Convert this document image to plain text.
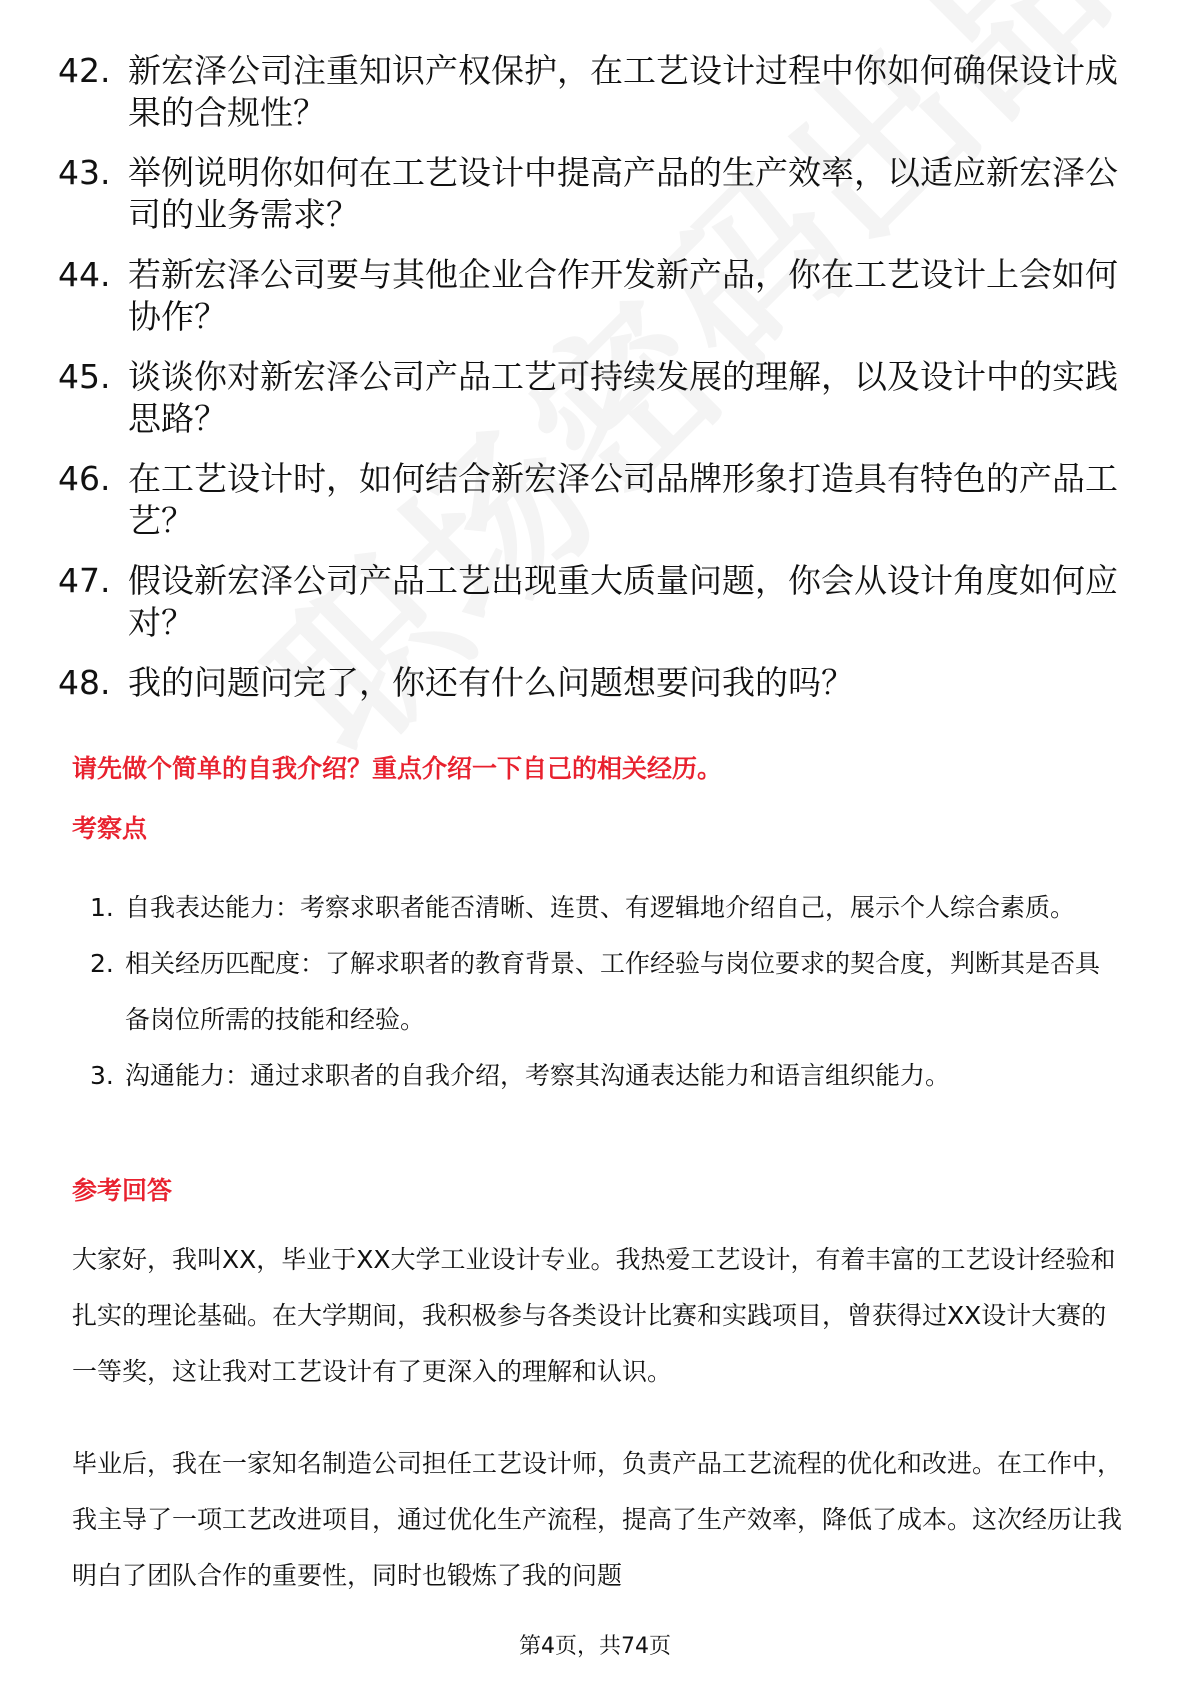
42. 新宏泽公司注重知识产权保护，在工艺设计过程中你如何确保设计成果的合规性？
43. 举例说明你如何在工艺设计中提高产品的生产效率，以适应新宏泽公司的业务需求？
44. 若新宏泽公司要与其他企业合作开发新产品，你在工艺设计上会如何协作？
45. 谈谈你对新宏泽公司产品工艺可持续发展的理解，以及设计中的实践思路？
46. 在工艺设计时，如何结合新宏泽公司品牌形象打造具有特色的产品工艺？
47. 假设新宏泽公司产品工艺出现重大质量问题，你会从设计角度如何应对？
48. 我的问题问完了，你还有什么问题想要问我的吗？
请先做个简单的自我介绍？重点介绍一下自己的相关经历。
考察点
1. 自我表达能力：考察求职者能否清晰、连贯、有逻辑地介绍自己，展示个人综合素质。
2. 相关经历匹配度：了解求职者的教育背景、工作经验与岗位要求的契合度，判断其是否具备岗位所需的技能和经验。
3. 沟通能力：通过求职者的自我介绍，考察其沟通表达能力和语言组织能力。
参考回答
大家好，我叫XX，毕业于XX大学工业设计专业。我热爱工艺设计，有着丰富的工艺设计经验和扎实的理论基础。在大学期间，我积极参与各类设计比赛和实践项目，曾获得过XX设计大赛的一等奖，这让我对工艺设计有了更深入的理解和认识。
毕业后，我在一家知名制造公司担任工艺设计师，负责产品工艺流程的优化和改进。在工作中，我主导了一项工艺改进项目，通过优化生产流程，提高了生产效率，降低了成本。这次经历让我明白了团队合作的重要性，同时也锻炼了我的问题
第4页，共74页
